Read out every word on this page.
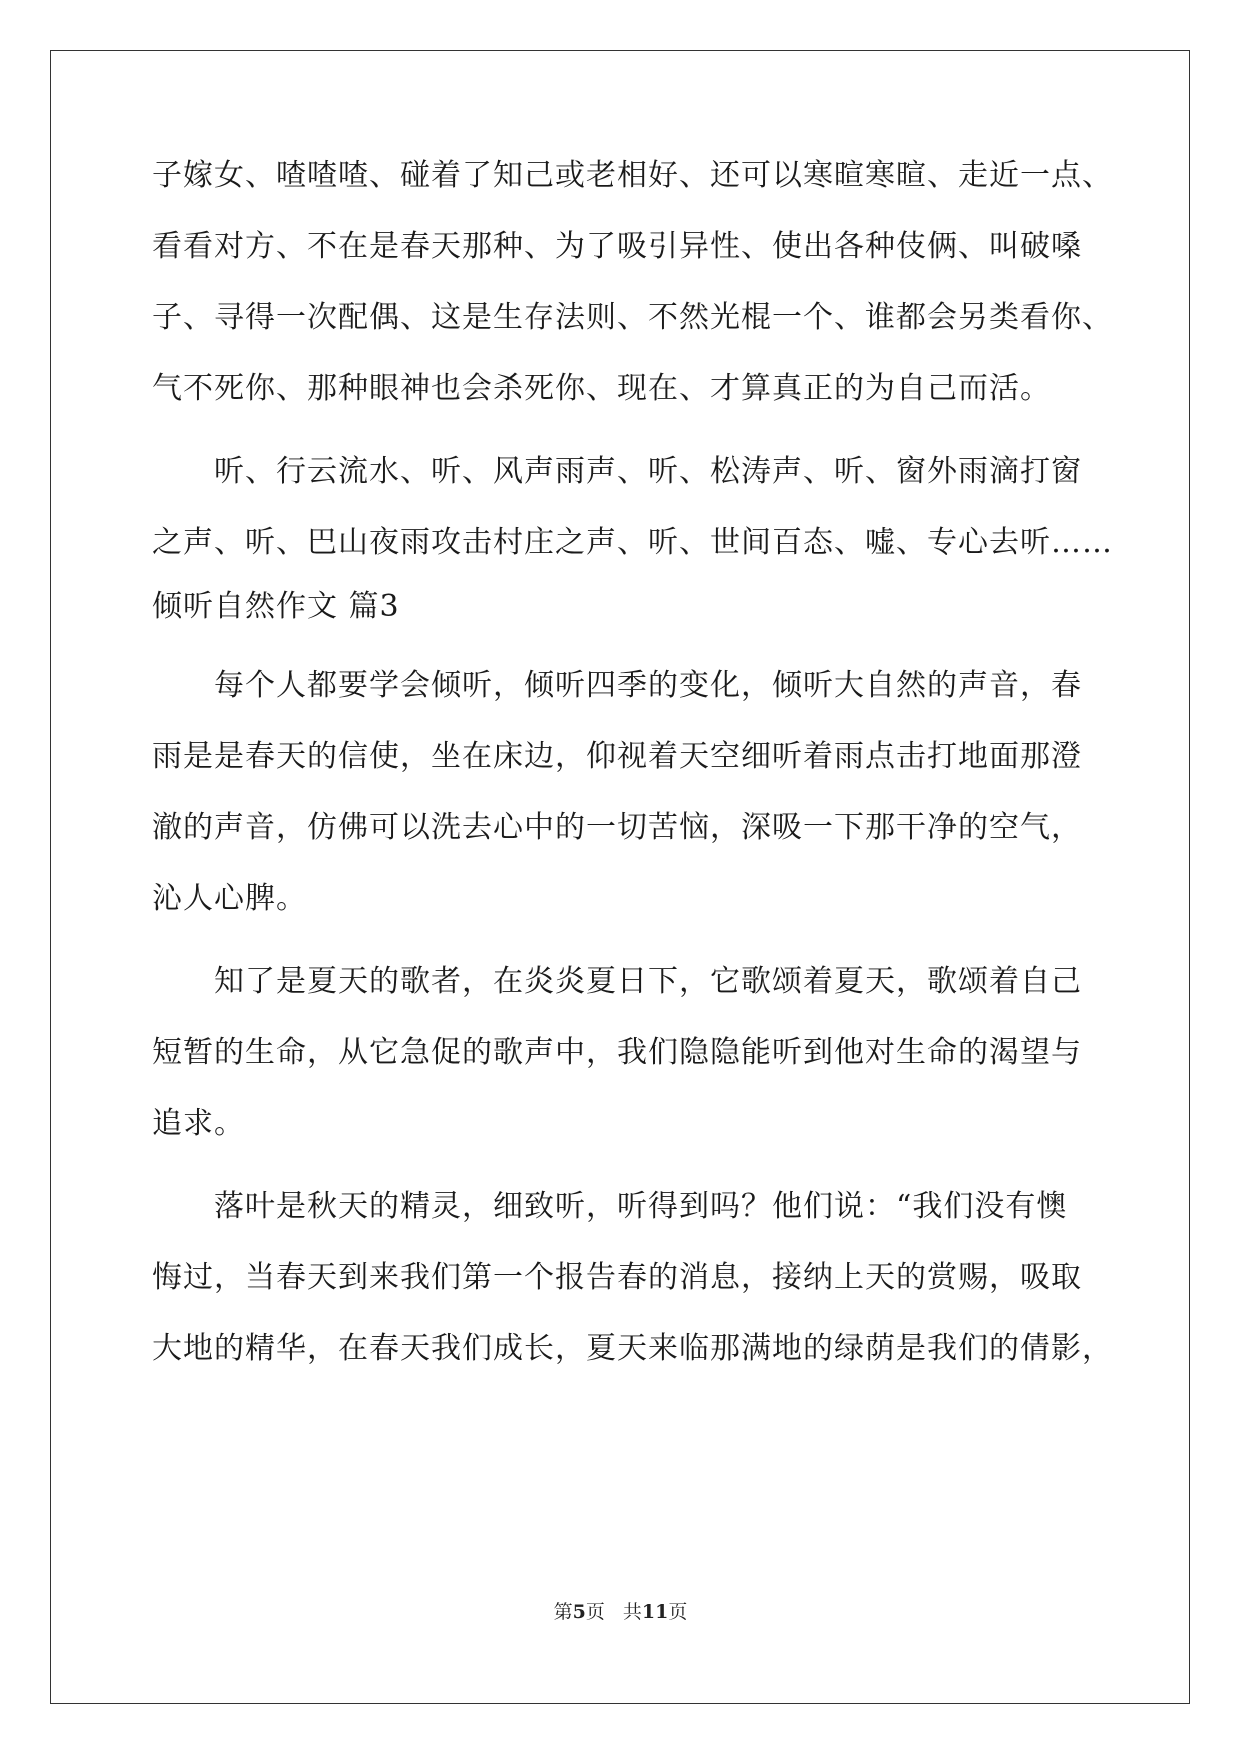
子嫁女、喳喳喳、碰着了知己或老相好、还可以寒暄寒暄、走近一点、
看看对方、不在是春天那种、为了吸引异性、使出各种伎俩、叫破嗓
子、寻得一次配偶、这是生存法则、不然光棍一个、谁都会另类看你、
气不死你、那种眼神也会杀死你、现在、才算真正的为自己而活。
听、行云流水、听、风声雨声、听、松涛声、听、窗外雨滴打窗
之声、听、巴山夜雨攻击村庄之声、听、世间百态、嘘、专心去听……
倾听自然作文 篇3
每个人都要学会倾听，倾听四季的变化，倾听大自然的声音，春
雨是是春天的信使，坐在床边，仰视着天空细听着雨点击打地面那澄
澈的声音，仿佛可以洗去心中的一切苦恼，深吸一下那干净的空气，
沁人心脾。
知了是夏天的歌者，在炎炎夏日下，它歌颂着夏天，歌颂着自己
短暂的生命，从它急促的歌声中，我们隐隐能听到他对生命的渴望与
追求。
落叶是秋天的精灵，细致听，听得到吗？他们说：“我们没有懊
悔过，当春天到来我们第一个报告春的消息，接纳上天的赏赐，吸取
大地的精华，在春天我们成长，夏天来临那满地的绿荫是我们的倩影，
第5页 共11页
